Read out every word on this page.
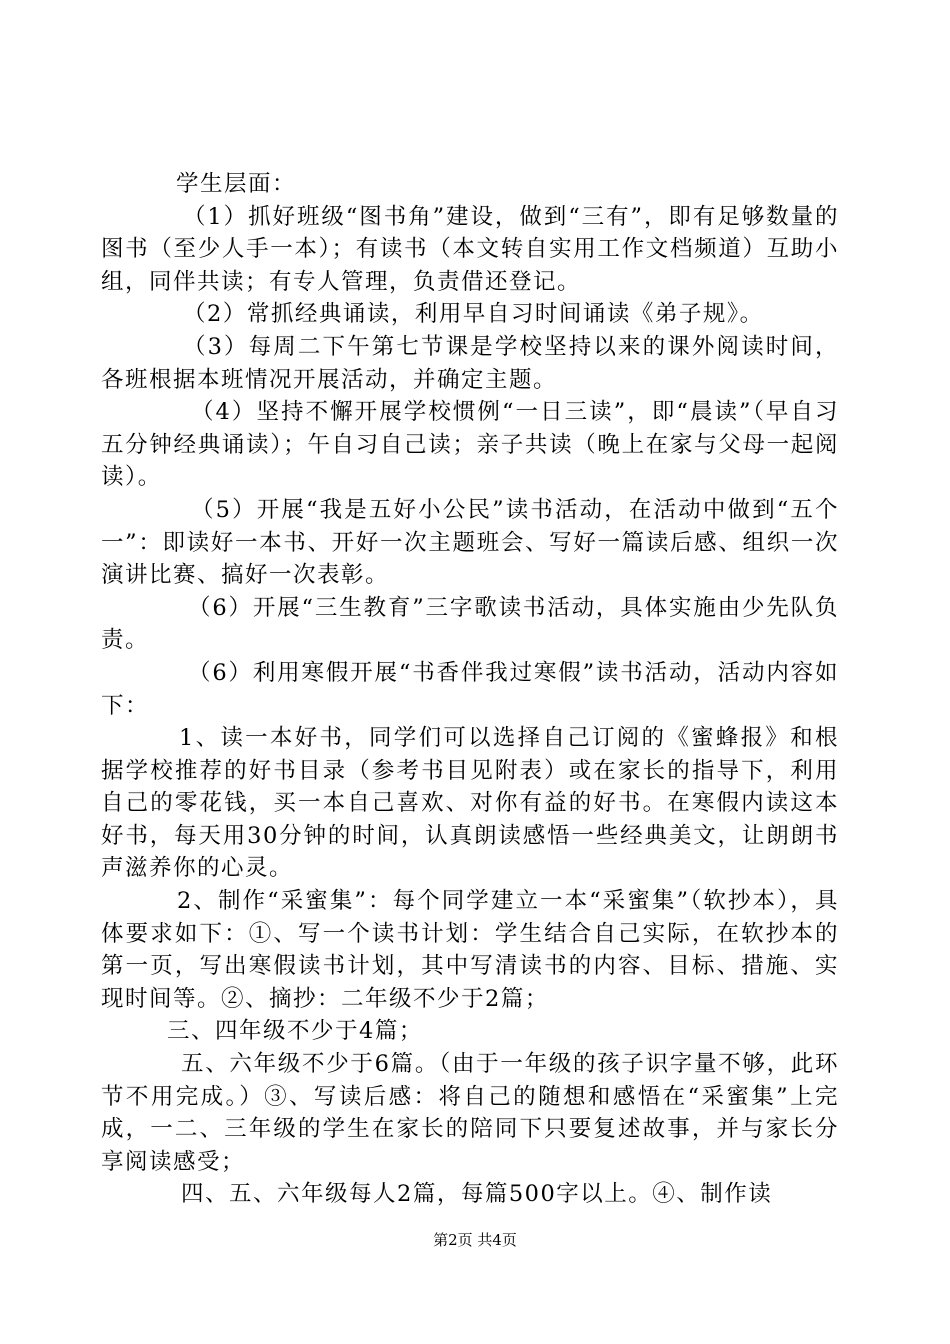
学生层面：

（1）抓好班级“图书角”建设，做到“三有”，即有足够数量的图书（至少人手一本）；有读书（本文转自实用工作文档频道）互助小组，同伴共读；有专人管理，负责借还登记。

（2）常抓经典诵读，利用早自习时间诵读《弟子规》。

（3）每周二下午第七节课是学校坚持以来的课外阅读时间，各班根据本班情况开展活动，并确定主题。

（4）坚持不懈开展学校惯例“一日三读”，即“晨读”（早自习五分钟经典诵读）；午自习自己读；亲子共读（晚上在家与父母一起阅读）。

（5）开展“我是五好小公民”读书活动，在活动中做到“五个一”：即读好一本书、开好一次主题班会、写好一篇读后感、组织一次演讲比赛、搞好一次表彰。

（6）开展“三生教育”三字歌读书活动，具体实施由少先队负责。

（6）利用寒假开展“书香伴我过寒假”读书活动，活动内容如下：

1、读一本好书，同学们可以选择自己订阅的《蜜蜂报》和根据学校推荐的好书目录（参考书目见附表）或在家长的指导下，利用自己的零花钱，买一本自己喜欢、对你有益的好书。在寒假内读这本好书，每天用30分钟的时间，认真朗读感悟一些经典美文，让朗朗书声滋养你的心灵。

2、制作“采蜜集”：每个同学建立一本“采蜜集”（软抄本），具体要求如下：①、写一个读书计划：学生结合自己实际，在软抄本的第一页，写出寒假读书计划，其中写清读书的内容、目标、措施、实现时间等。②、摘抄：二年级不少于2篇；

三、四年级不少于4篇；

五、六年级不少于6篇。（由于一年级的孩子识字量不够，此环节不用完成。）③、写读后感：将自己的随想和感悟在“采蜜集”上完成，一二、三年级的学生在家长的陪同下只要复述故事，并与家长分享阅读感受；

四、五、六年级每人2篇，每篇500字以上。④、制作读

第2页 共4页
